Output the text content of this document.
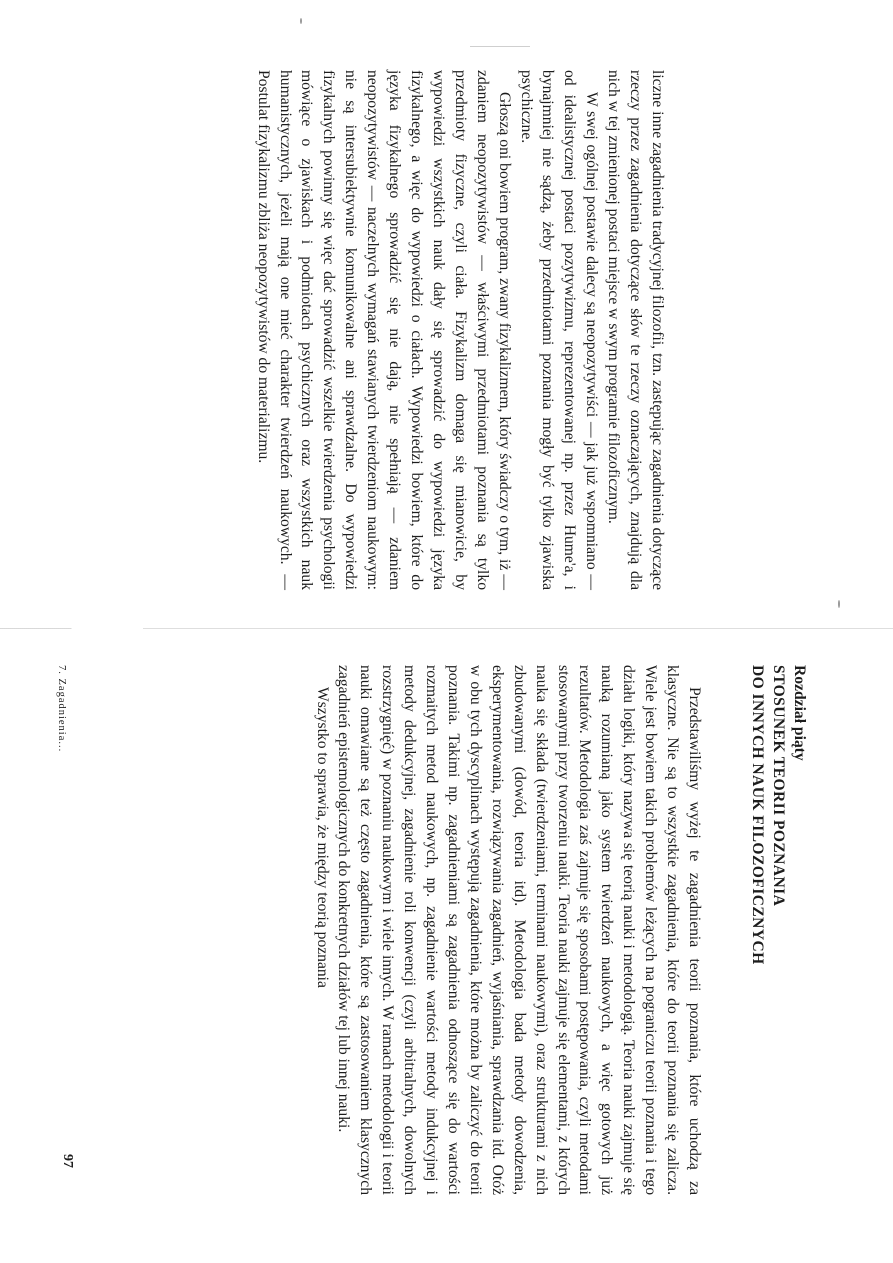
liczne inne zagadnienia tradycyjnej filozofii, tzn. zastępując zagadnienia dotyczące rzeczy przez zagadnienia dotyczące słów te rzeczy oznaczających, znajdują dla nich w tej zmienionej postaci miejsce w swym programie filozoficznym.

W swej ogólnej postawie dalecy są neopozytywiści — jak już wspomniano — od idealistycznej postaci pozytywizmu, reprezentowanej np. przez Hume'a, i bynajmniej nie sądzą, żeby przedmiotami poznania mogły być tylko zjawiska psychiczne.

Głoszą oni bowiem program, zwany fizykalizmem, który świadczy o tym, iż — zdaniem neopozytywistów — właściwymi przedmiotami poznania są tylko przedmioty fizyczne, czyli ciała. Fizykalizm domaga się mianowicie, by wypowiedzi wszystkich nauk dały się sprowadzić do wypowiedzi języka fizykalnego, a więc do wypowiedzi o ciałach. Wypowiedzi bowiem, które do języka fizykalnego sprowadzić się nie dają, nie spełniają — zdaniem neopozytywistów — naczelnych wymagań stawianych twierdzeniom naukowym: nie są intersubiektywnie komunikowalne ani sprawdzalne. Do wypowiedzi fizykalnych powinny się więc dać sprowadzić wszelkie twierdzenia psychologii mówiące o zjawiskach i podmiotach psychicznych oraz wszystkich nauk humanistycznych, jeżeli mają one mieć charakter twierdzeń naukowych. — Postulat fizykalizmu zbliża neopozytywistów do materializmu.

Rozdział piąty

STOSUNEK TEORII POZNANIA

DO INNYCH NAUK FILOZOFICZNYCH

Przedstawiliśmy wyżej te zagadnienia teorii poznania, które uchodzą za klasyczne. Nie są to wszystkie zagadnienia, które do teorii poznania się zalicza. Wiele jest bowiem takich problemów leżących na pograniczu teorii poznania i tego działu logiki, który nazywa się teorią nauki i metodologią. Teoria nauki zajmuje się nauką rozumianą jako system twierdzeń naukowych, a więc gotowych już rezultatów. Metodologia zaś zajmuje się sposobami postępowania, czyli metodami stosowanymi przy tworzeniu nauki. Teoria nauki zajmuje się elementami, z których nauka się składa (twierdzeniami, terminami naukowymi), oraz strukturami z nich zbudowanymi (dowód, teoria itd). Metodologia bada metody dowodzenia, eksperymentowania, rozwiązywania zagadnień, wyjaśniania, sprawdzania itd. Otóż w obu tych dyscyplinach występują zagadnienia, które można by zaliczyć do teorii poznania. Takimi np. zagadnieniami są zagadnienia odnoszące się do wartości rozmaitych metod naukowych, np. zagadnienie wartości metody indukcyjnej i metody dedukcyjnej, zagadnienie roli konwencji (czyli arbitralnych, dowolnych rozstrzygnięć) w poznaniu naukowym i wiele innych. W ramach metodologii i teorii nauki omawiane są też często zagadnienia, które są zastosowaniem klasycznych zagadnień epistemologicznych do konkretnych działów tej lub innej nauki.

Wszystko to sprawia, że między teorią poznania

7. Zagadnienia...
97
